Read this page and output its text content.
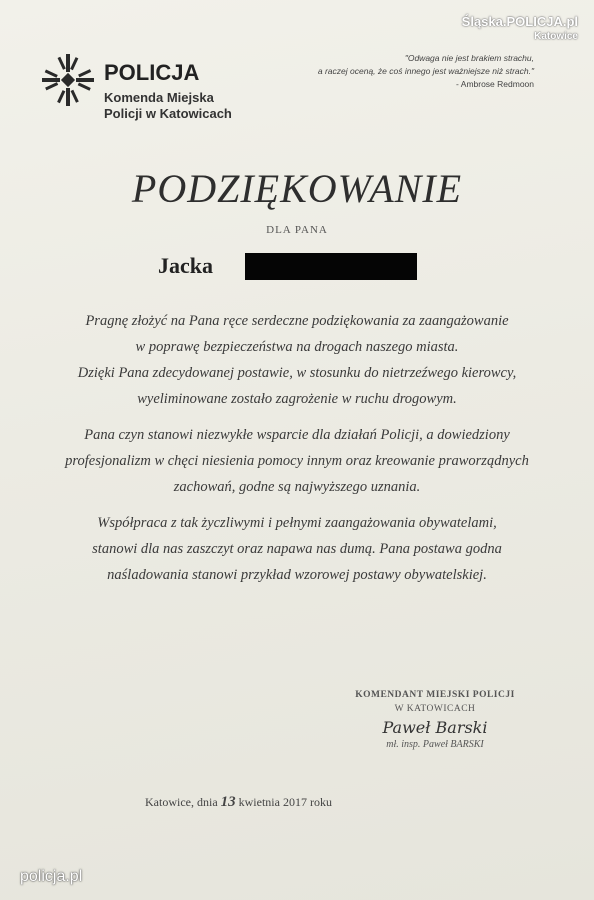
Śląska.POLICJA.pl
Katowice
POLICJA
Komenda Miejska
Policji w Katowicach
"Odwaga nie jest brakiem strachu,
a raczej oceną, że coś innego jest ważniejsze niż strach."
- Ambrose Redmoon
PODZIĘKOWANIE
DLA PANA
Jacka
Pragnę złożyć na Pana ręce serdeczne podziękowania za zaangażowanie
w poprawę bezpieczeństwa na drogach naszego miasta.
Dzięki Pana zdecydowanej postawie, w stosunku do nietrzeźwego kierowcy,
wyeliminowane zostało zagrożenie w ruchu drogowym.
Pana czyn stanowi niezwykłe wsparcie dla działań Policji, a dowiedziony
profesjonalizm w chęci niesienia pomocy innym oraz kreowanie praworządnych
zachowań, godne są najwyższego uznania.
Współpraca z tak życzliwymi i pełnymi zaangażowania obywatelami,
stanowi dla nas zaszczyt oraz napawa nas dumą. Pana postawa godna
naśladowania stanowi przykład wzorowej postawy obywatelskiej.
KOMENDANT MIEJSKI POLICJI
W KATOWICACH
Paweł Barski
mł. insp. Paweł BARSKI
Katowice, dnia 13 kwietnia 2017 roku
policja.pl
